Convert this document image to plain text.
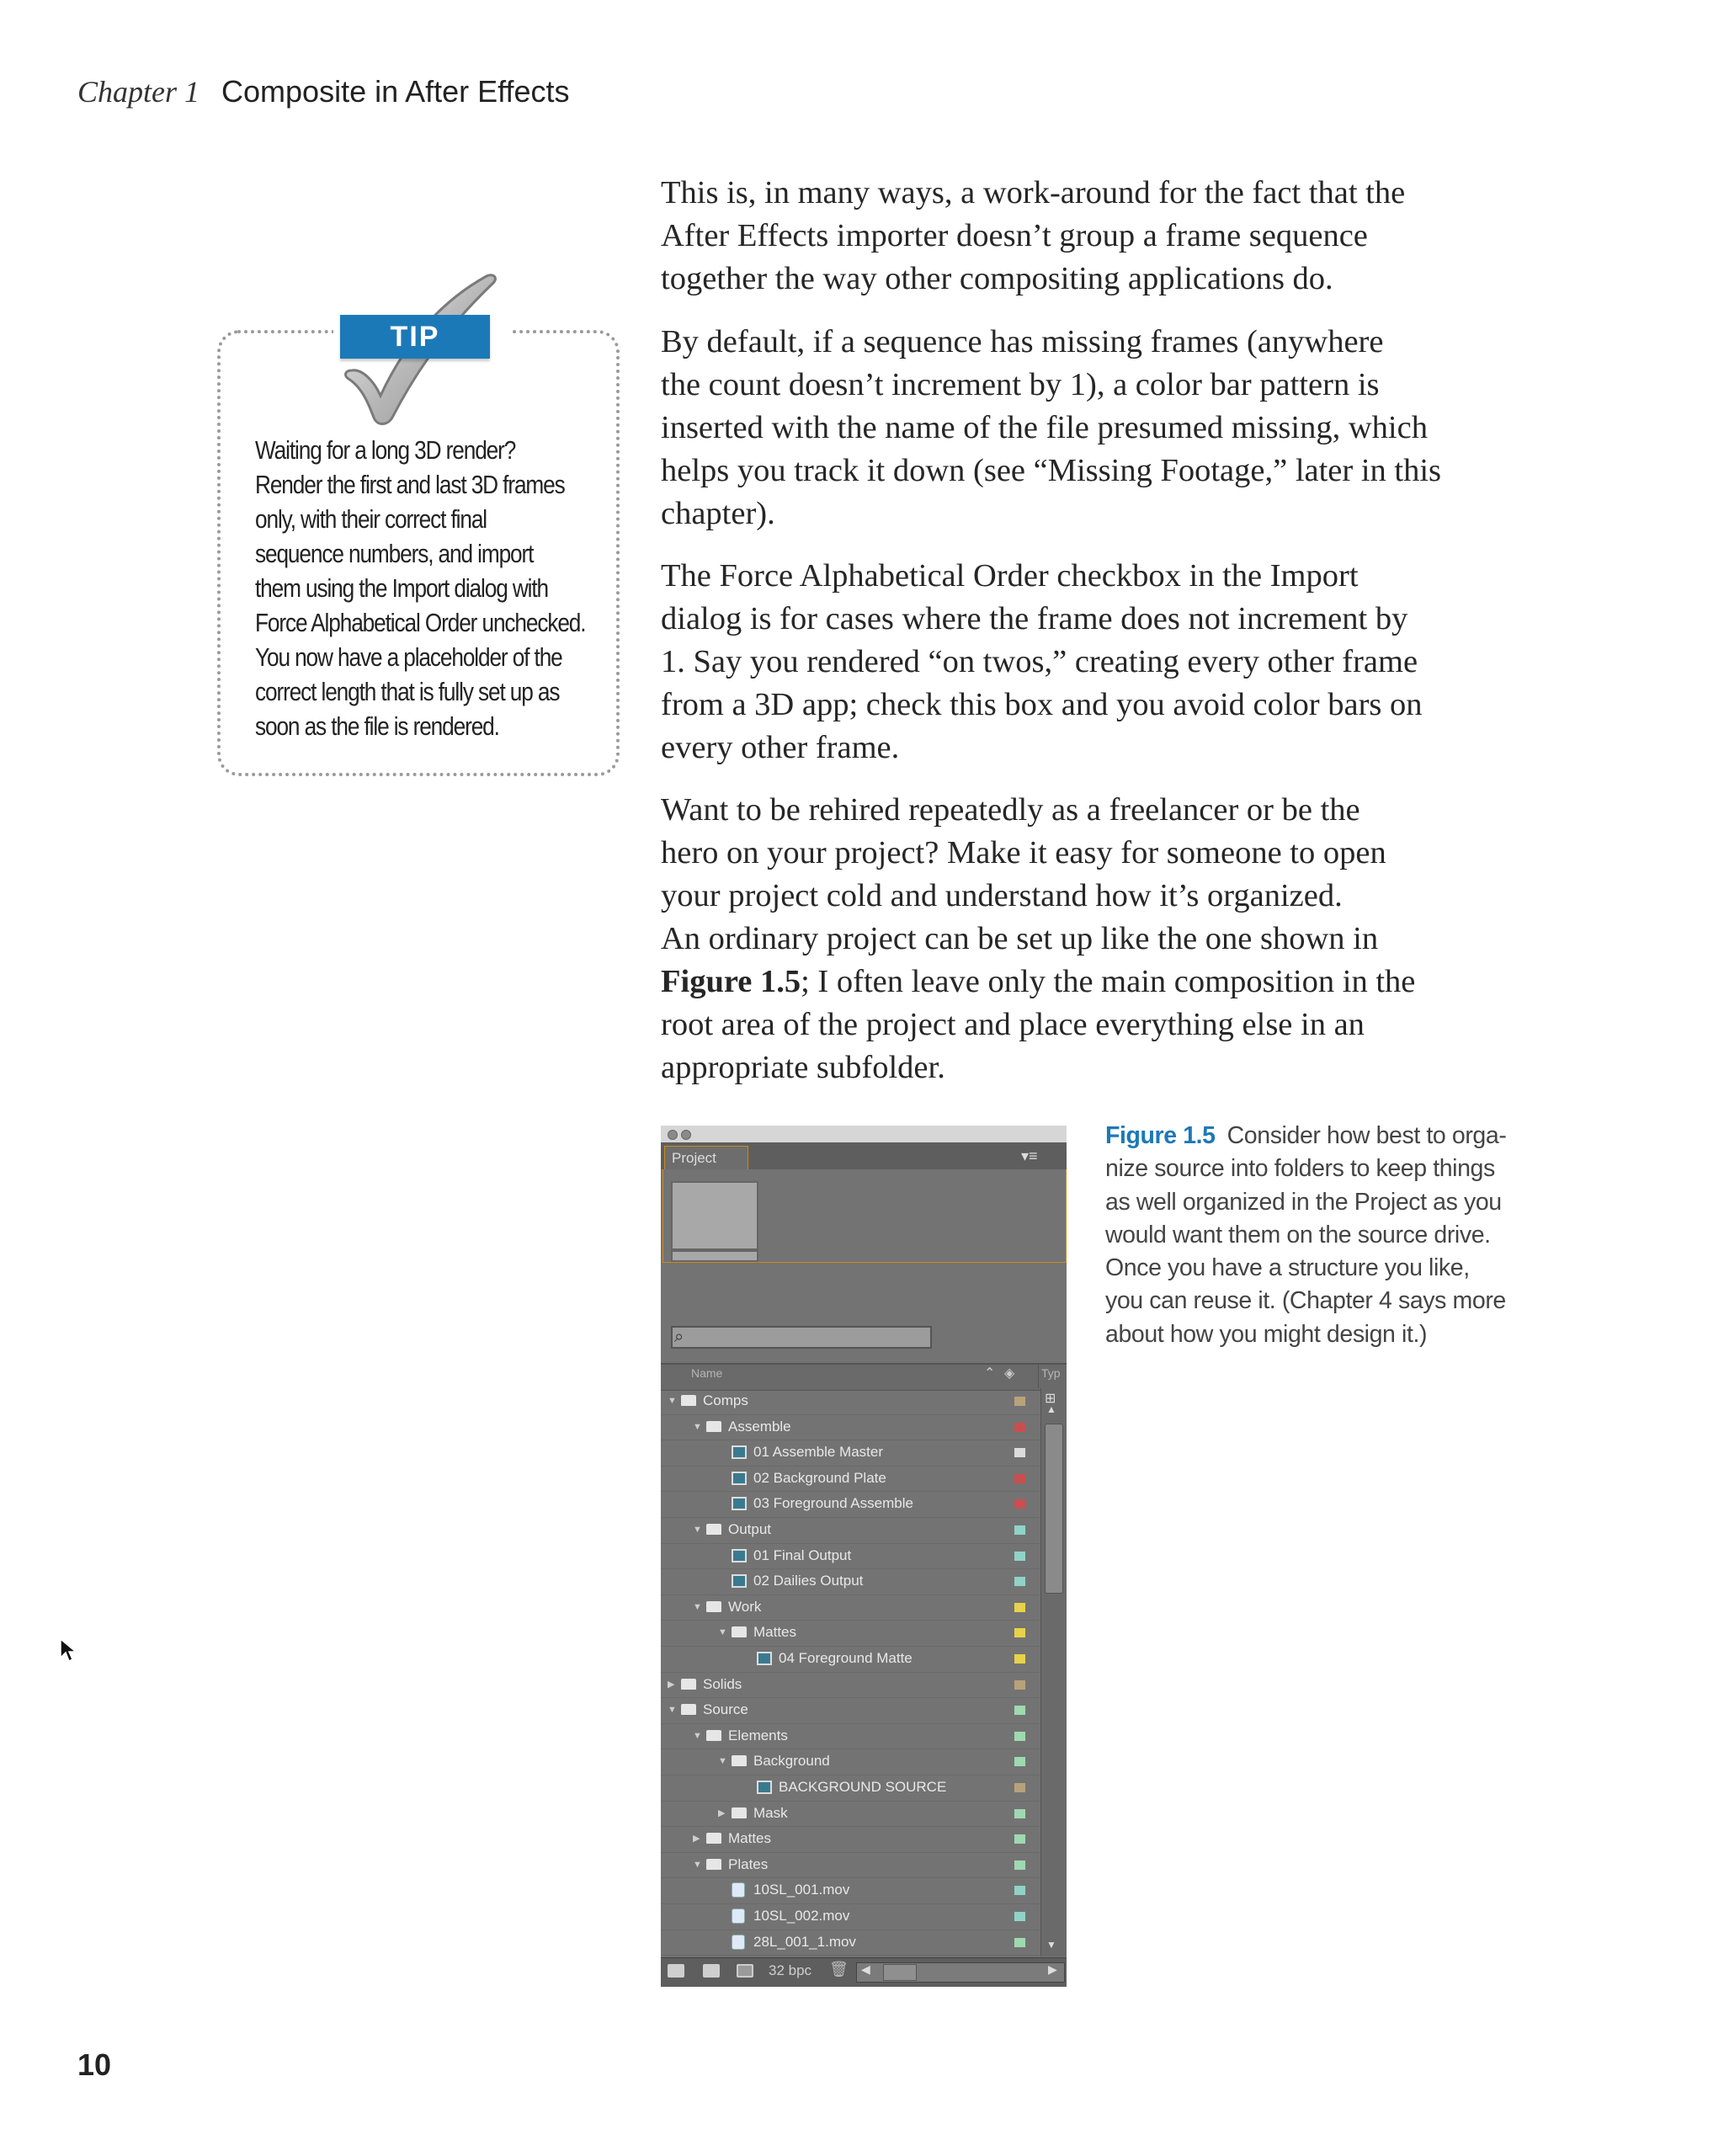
Chapter 1 Composite in After Effects
TIP
Waiting for a long 3D render?
Render the first and last 3D frames
only, with their correct final
sequence numbers, and import
them using the Import dialog with
Force Alphabetical Order unchecked.
You now have a placeholder of the
correct length that is fully set up as
soon as the file is rendered.
This is, in many ways, a work-around for the fact that the
After Effects importer doesn’t group a frame sequence
together the way other compositing applications do.
By default, if a sequence has missing frames (anywhere
the count doesn’t increment by 1), a color bar pattern is
inserted with the name of the file presumed missing, which
helps you track it down (see “Missing Footage,” later in this
chapter).
The Force Alphabetical Order checkbox in the Import
dialog is for cases where the frame does not increment by
1. Say you rendered “on twos,” creating every other frame
from a 3D app; check this box and you avoid color bars on
every other frame.
Want to be rehired repeatedly as a freelancer or be the
hero on your project? Make it easy for someone to open
your project cold and understand how it’s organized.
An ordinary project can be set up like the one shown in
Figure 1.5; I often leave only the main composition in the
root area of the project and place everything else in an
appropriate subfolder.
Figure 1.5 Consider how best to orga-
nize source into folders to keep things
as well organized in the Project as you
would want them on the source drive.
Once you have a structure you like,
you can reuse it. (Chapter 4 says more
about how you might design it.)
Project	▾≡
⌕
Name	⌃ ◈ Typ
▼ Comps
▼ Assemble
01 Assemble Master
02 Background Plate
03 Foreground Assemble
▼ Output
01 Final Output
02 Dailies Output
▼ Work
▼ Mattes
04 Foreground Matte
▶ Solids
▼ Source
▼ Elements
▼ Background
BACKGROUND SOURCE
▶ Mask
▶ Mattes
▼ Plates
10SL_001.mov
10SL_002.mov
28L_001_1.mov
⊞
▲
▼
32 bpc 🗑 ◀	▶
10
